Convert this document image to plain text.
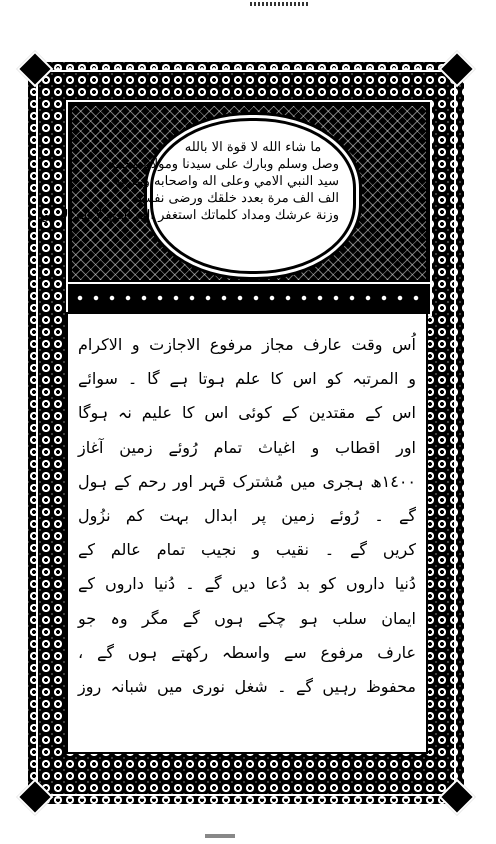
ما شاء الله لا قوة الا بالله
وصل وسلم وبارك على سيدنا ومولانا محمد
سيد النبي الامي وعلى اله واصحابه وعترته
الف الف مرة بعدد خلقك ورضى نفسك
وزنة عرشك ومداد كلماتك استغفر الله الذي لا اله الا هو
اُس وقت عارف مجاز مرفوع الاجازت و الاکرام
و المرتبہ کو اس کا علم ہوتا ہے گا ۔ سوائے
اس کے مقتدین کے کوئی اس کا علیم نہ ہوگا
اور اقطاب و اغیاث تمام رُوئے زمین آغاز
١٤٠٠ھ ہجری میں مُشترک قہر اور رحم کے ہول
گے ۔ رُوئے زمین پر ابدال بہت کم نزُول
کریں گے ۔ نقیب و نجیب تمام عالم کے
دُنیا داروں کو بد دُعا دیں گے ۔ دُنیا داروں کے
ایمان سلب ہو چکے ہوں گے مگر وہ جو
عارف مرفوع سے واسطہ رکھتے ہوں گے ،
محفوظ رہیں گے ۔ شغل نوری میں شبانہ روز
